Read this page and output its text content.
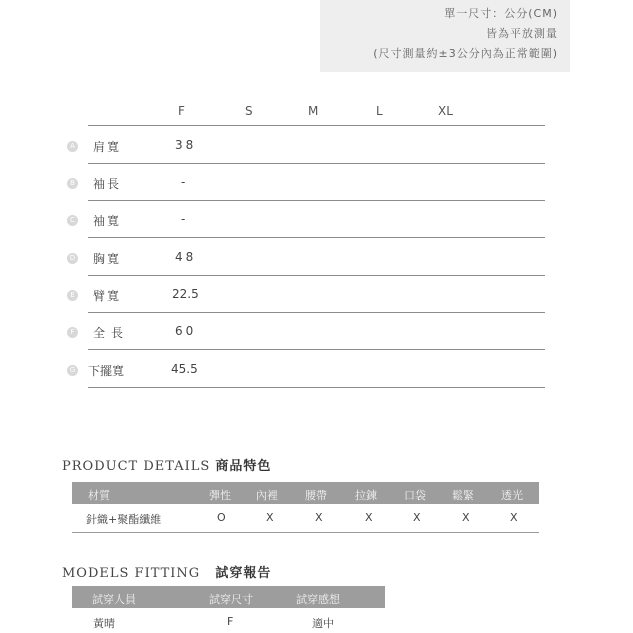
單一尺寸：公分(CM)
皆為平放測量
(尺寸測量約±3公分內為正常範圍)
F	S	M	L	XL
A 肩寬	38
B 袖長	-
C 袖寬	-
D 胸寬	48
E 臂寬	22.5
F 全長	60
G 下擺寬	45.5
PRODUCT DETAILS 商品特色
材質	彈性 內裡 腰帶	拉鍊 口袋 鬆緊 透光
針織+聚酯纖維	O	X	X	X	X	X	X
MODELS FITTING 試穿報告
試穿人員	試穿尺寸	試穿感想
黃晴	F	適中
